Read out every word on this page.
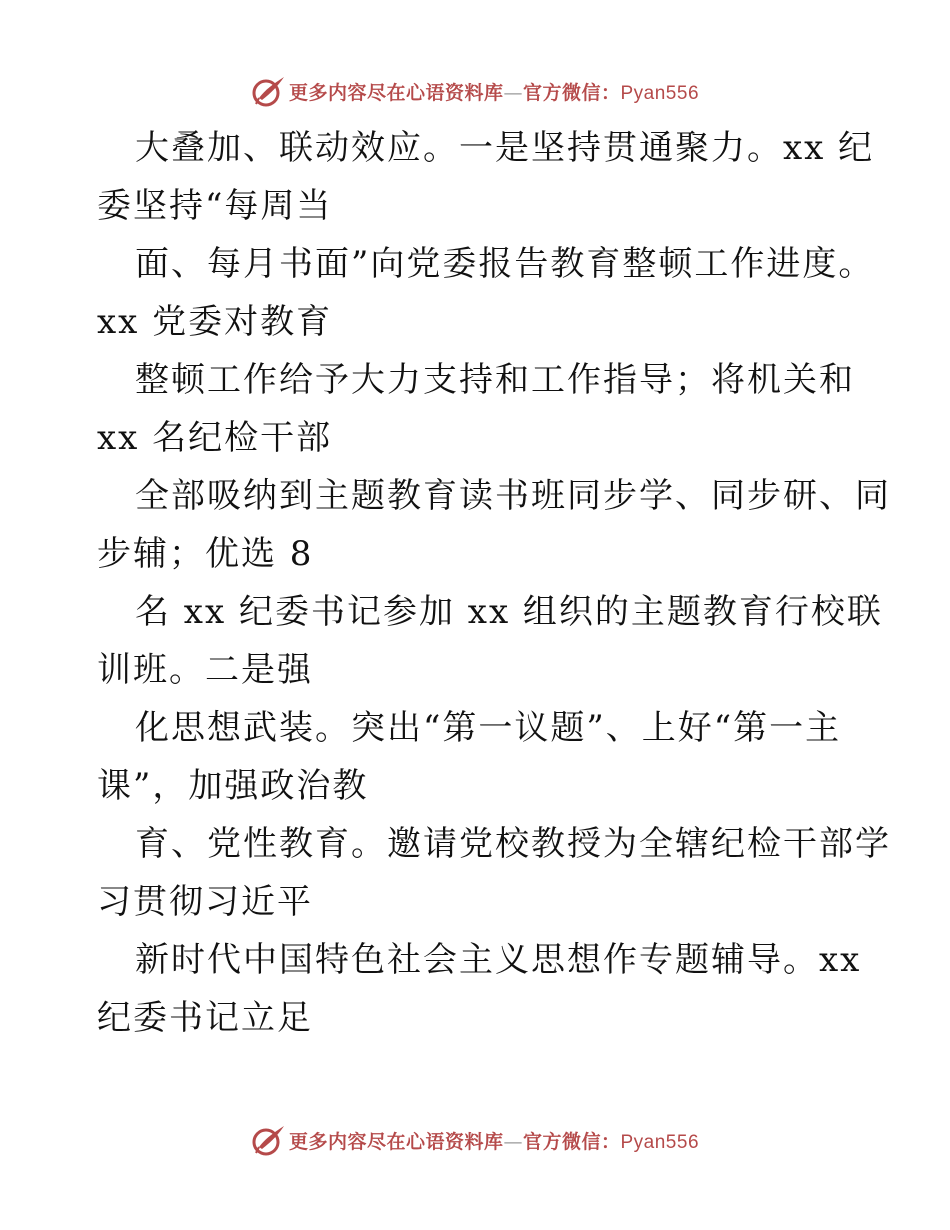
更多内容尽在心语资料库—官方微信：Pyan556
大叠加、联动效应。一是坚持贯通聚力。xx 纪
委坚持“每周当
面、每月书面”向党委报告教育整顿工作进度。
xx 党委对教育
整顿工作给予大力支持和工作指导；将机关和
xx 名纪检干部
全部吸纳到主题教育读书班同步学、同步研、同
步辅；优选 8
名 xx 纪委书记参加 xx 组织的主题教育行校联
训班。二是强
化思想武装。突出“第一议题”、上好“第一主
课”，加强政治教
育、党性教育。邀请党校教授为全辖纪检干部学
习贯彻习近平
新时代中国特色社会主义思想作专题辅导。xx
纪委书记立足
更多内容尽在心语资料库—官方微信：Pyan556
